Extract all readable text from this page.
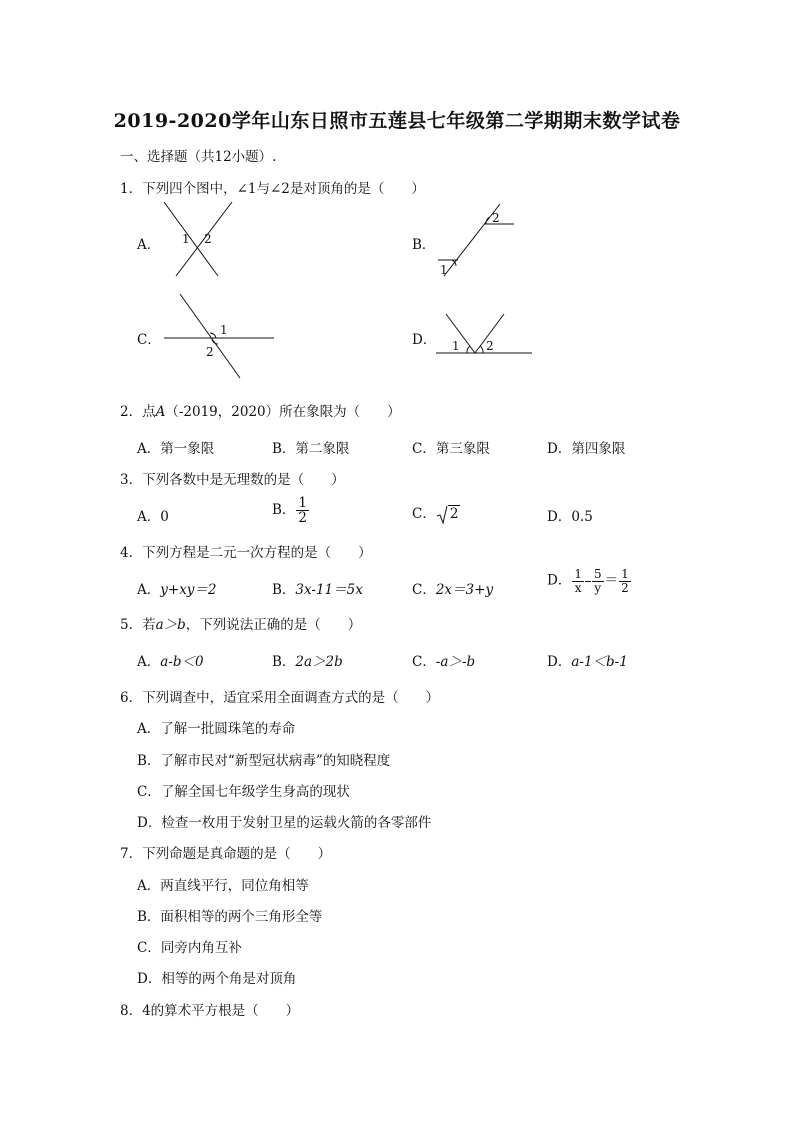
2019-2020学年山东日照市五莲县七年级第二学期期末数学试卷
一、选择题（共12小题）.
1．下列四个图中，∠1与∠2是对顶角的是（　　）
A． 1 2	B．
2
1
C．
1
2
D． 1 2
2．点A（-2019，2020）所在象限为（　　）
A．第一象限	B．第二象限	C．第三象限	D．第四象限
3．下列各数中是无理数的是（　　）
A．0	B． $\frac{1}{2}$	C． 2	D．0.5
4．下列方程是二元一次方程的是（　　）
A．y+xy＝2	B．3x-11＝5x	C．2x＝3+y
D． $\frac{1}{x} \frac{5}{y} = \frac{1}{2}$
5．若a＞b，下列说法正确的是（　　）
A．a-b＜0	B．2a＞2b	C．-a＞-b	D．a-1＜b-1
6．下列调查中，适宜采用全面调查方式的是（　　）
A．了解一批圆珠笔的寿命
B．了解市民对“新型冠状病毒”的知晓程度
C．了解全国七年级学生身高的现状
D．检查一枚用于发射卫星的运载火箭的各零部件
7．下列命题是真命题的是（　　）
A．两直线平行，同位角相等
B．面积相等的两个三角形全等
C．同旁内角互补
D．相等的两个角是对顶角
8．4的算术平方根是（　　）
